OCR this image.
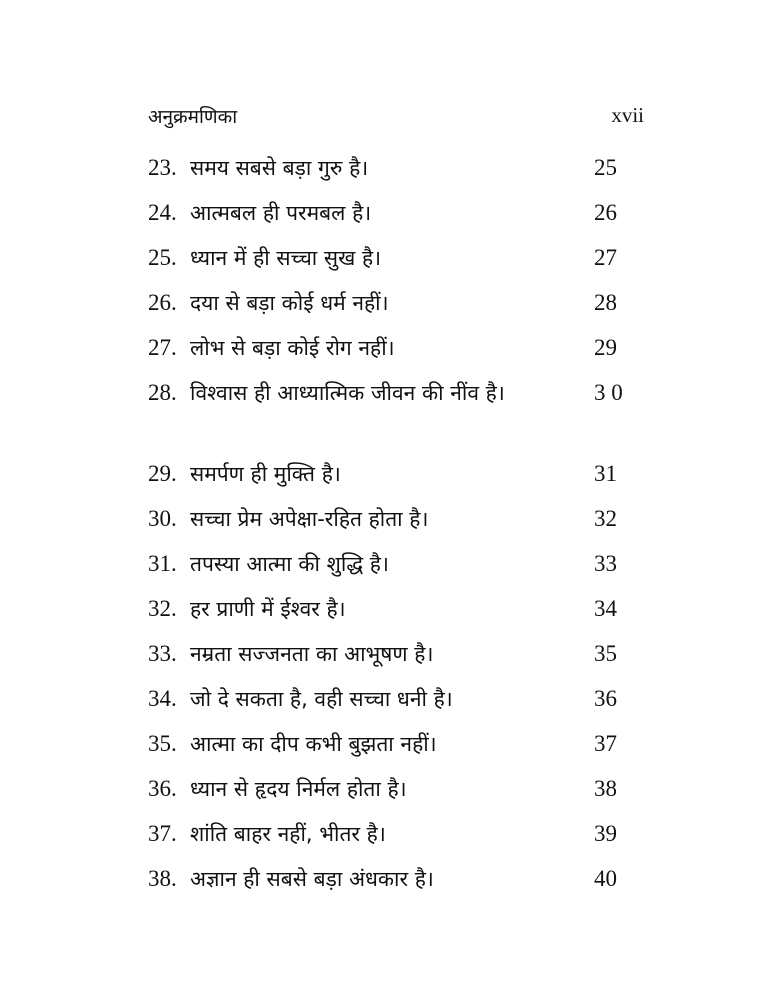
अनुक्रमणिका	xvii
23. समय सबसे बड़ा गुरु है।	25
24. आत्मबल ही परमबल है।	26
25. ध्यान में ही सच्चा सुख है।	27
26. दया से बड़ा कोई धर्म नहीं।	28
27. लोभ से बड़ा कोई रोग नहीं।	29
28. विश्वास ही आध्यात्मिक जीवन की नींव है।	3 0
29. समर्पण ही मुक्ति है।	31
30. सच्चा प्रेम अपेक्षा-रहित होता है।	32
31. तपस्या आत्मा की शुद्धि है।	33
32. हर प्राणी में ईश्वर है।	34
33. नम्रता सज्जनता का आभूषण है।	35
34. जो दे सकता है, वही सच्चा धनी है।	36
35. आत्मा का दीप कभी बुझता नहीं।	37
36. ध्यान से हृदय निर्मल होता है।	38
37. शांति बाहर नहीं, भीतर है।	39
38. अज्ञान ही सबसे बड़ा अंधकार है।	40
